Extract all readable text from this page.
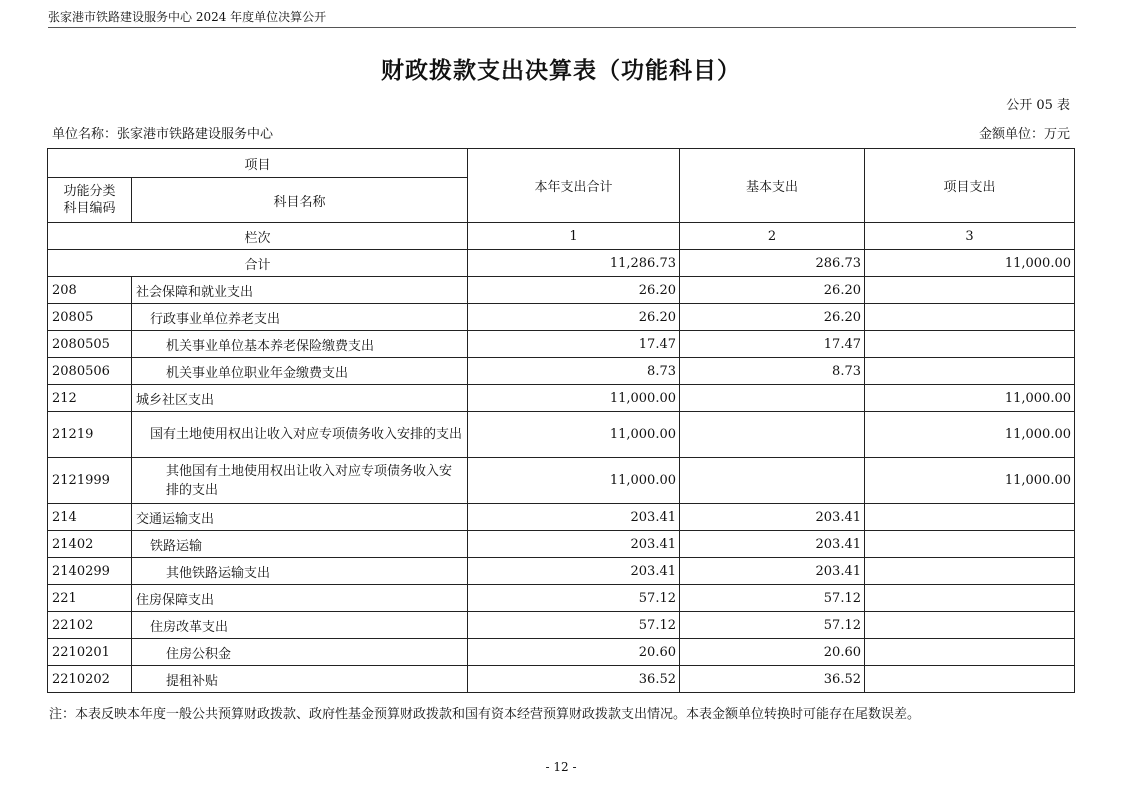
张家港市铁路建设服务中心 2024 年度单位决算公开
财政拨款支出决算表（功能科目）
公开 05 表
单位名称：张家港市铁路建设服务中心	金额单位：万元
项目		本年支出合计	基本支出	项目支出
功能分类
科目编码	科目名称			
栏次		1	2	3
合计		11,286.73	286.73	11,000.00
208	社会保障和就业支出	26.20	26.20	
20805	行政事业单位养老支出	26.20	26.20	
2080505	机关事业单位基本养老保险缴费支出	17.47	17.47	
2080506	机关事业单位职业年金缴费支出	8.73	8.73	
212	城乡社区支出	11,000.00		11,000.00
21219	国有土地使用权出让收入对应专项债务收入安排的支出	11,000.00		11,000.00
2121999	其他国有土地使用权出让收入对应专项债务收入安排的支出	11,000.00		11,000.00
214	交通运输支出	203.41	203.41	
21402	铁路运输	203.41	203.41	
2140299	其他铁路运输支出	203.41	203.41	
221	住房保障支出	57.12	57.12	
22102	住房改革支出	57.12	57.12	
2210201	住房公积金	20.60	20.60	
2210202	提租补贴	36.52	36.52	
注：本表反映本年度一般公共预算财政拨款、政府性基金预算财政拨款和国有资本经营预算财政拨款支出情况。本表金额单位转换时可能存在尾数误差。
- 12 -
